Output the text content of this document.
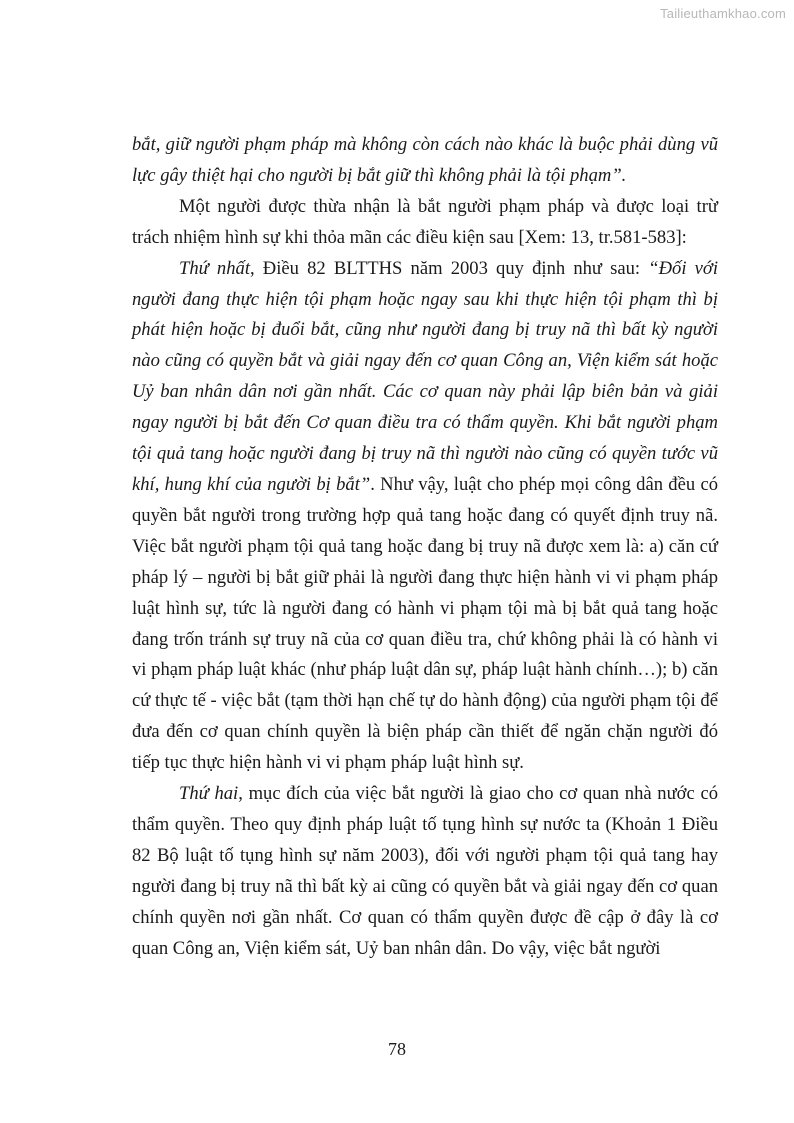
Tailieuthamkhao.com

bắt, giữ người phạm pháp mà không còn cách nào khác là buộc phải dùng vũ lực gây thiệt hại cho người bị bắt giữ thì không phải là tội phạm”.

Một người được thừa nhận là bắt người phạm pháp và được loại trừ trách nhiệm hình sự khi thỏa mãn các điều kiện sau [Xem: 13, tr.581-583]:

Thứ nhất, Điều 82 BLTTHS năm 2003 quy định như sau: “Đối với người đang thực hiện tội phạm hoặc ngay sau khi thực hiện tội phạm thì bị phát hiện hoặc bị đuổi bắt, cũng như người đang bị truy nã thì bất kỳ người nào cũng có quyền bắt và giải ngay đến cơ quan Công an, Viện kiểm sát hoặc Uỷ ban nhân dân nơi gần nhất. Các cơ quan này phải lập biên bản và giải ngay người bị bắt đến Cơ quan điều tra có thẩm quyền. Khi bắt người phạm tội quả tang hoặc người đang bị truy nã thì người nào cũng có quyền tước vũ khí, hung khí của người bị bắt”. Như vậy, luật cho phép mọi công dân đều có quyền bắt người trong trường hợp quả tang hoặc đang có quyết định truy nã. Việc bắt người phạm tội quả tang hoặc đang bị truy nã được xem là: a) căn cứ pháp lý – người bị bắt giữ phải là người đang thực hiện hành vi vi phạm pháp luật hình sự, tức là người đang có hành vi phạm tội mà bị bắt quả tang hoặc đang trốn tránh sự truy nã của cơ quan điều tra, chứ không phải là có hành vi vi phạm pháp luật khác (như pháp luật dân sự, pháp luật hành chính…); b) căn cứ thực tế - việc bắt (tạm thời hạn chế tự do hành động) của người phạm tội để đưa đến cơ quan chính quyền là biện pháp cần thiết để ngăn chặn người đó tiếp tục thực hiện hành vi vi phạm pháp luật hình sự.

Thứ hai, mục đích của việc bắt người là giao cho cơ quan nhà nước có thẩm quyền. Theo quy định pháp luật tố tụng hình sự nước ta (Khoản 1 Điều 82 Bộ luật tố tụng hình sự năm 2003), đối với người phạm tội quả tang hay người đang bị truy nã thì bất kỳ ai cũng có quyền bắt và giải ngay đến cơ quan chính quyền nơi gần nhất. Cơ quan có thẩm quyền được đề cập ở đây là cơ quan Công an, Viện kiểm sát, Uỷ ban nhân dân. Do vậy, việc bắt người

78
